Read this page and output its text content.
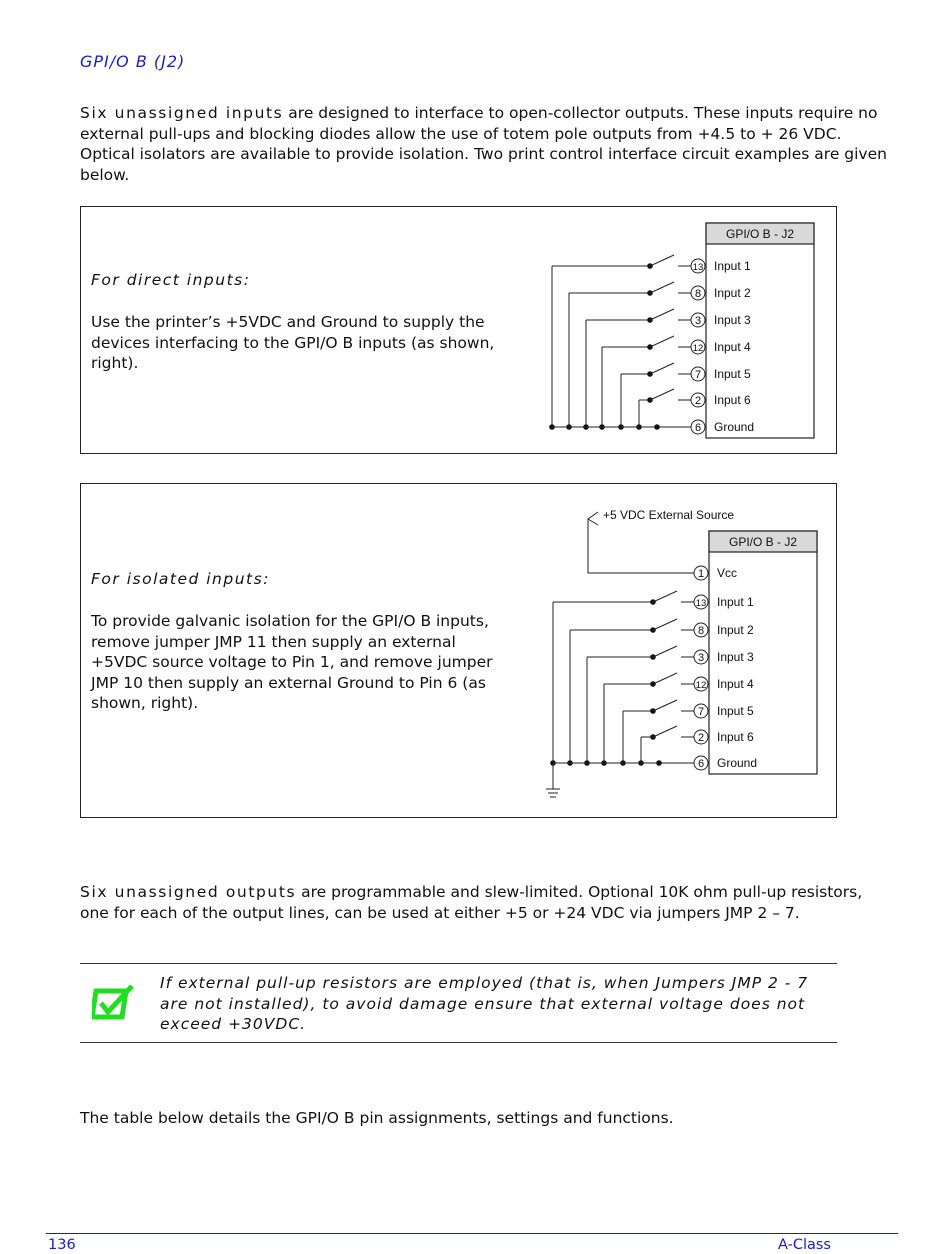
GPI/O B (J2)

Six unassigned inputs are designed to interface to open-collector outputs. These inputs require no external pull-ups and blocking diodes allow the use of totem pole outputs from +4.5 to + 26 VDC. Optical isolators are available to provide isolation. Two print control interface circuit examples are given below.

For direct inputs:

Use the printer’s +5VDC and Ground to supply the devices interfacing to the GPI/O B inputs (as shown, right).

GPI/O B - J2
13 Input 1
8 Input 2
3 Input 3
12 Input 4
7 Input 5
2 Input 6
6 Ground

For isolated inputs:

To provide galvanic isolation for the GPI/O B inputs, remove jumper JMP 11 then supply an external +5VDC source voltage to Pin 1, and remove jumper JMP 10 then supply an external Ground to Pin 6 (as shown, right).

GPI/O B - J2
13 Input 1
8 Input 2
3 Input 3
12 Input 4
7 Input 5
2 Input 6
6 Ground
1 Vcc
+5 VDC External Source

Six unassigned outputs are programmable and slew-limited. Optional 10K ohm pull-up resistors, one for each of the output lines, can be used at either +5 or +24 VDC via jumpers JMP 2 – 7.

If external pull-up resistors are employed (that is, when Jumpers JMP 2 - 7 are not installed), to avoid damage ensure that external voltage does not exceed +30VDC.

The table below details the GPI/O B pin assignments, settings and functions.

136	A-Class
